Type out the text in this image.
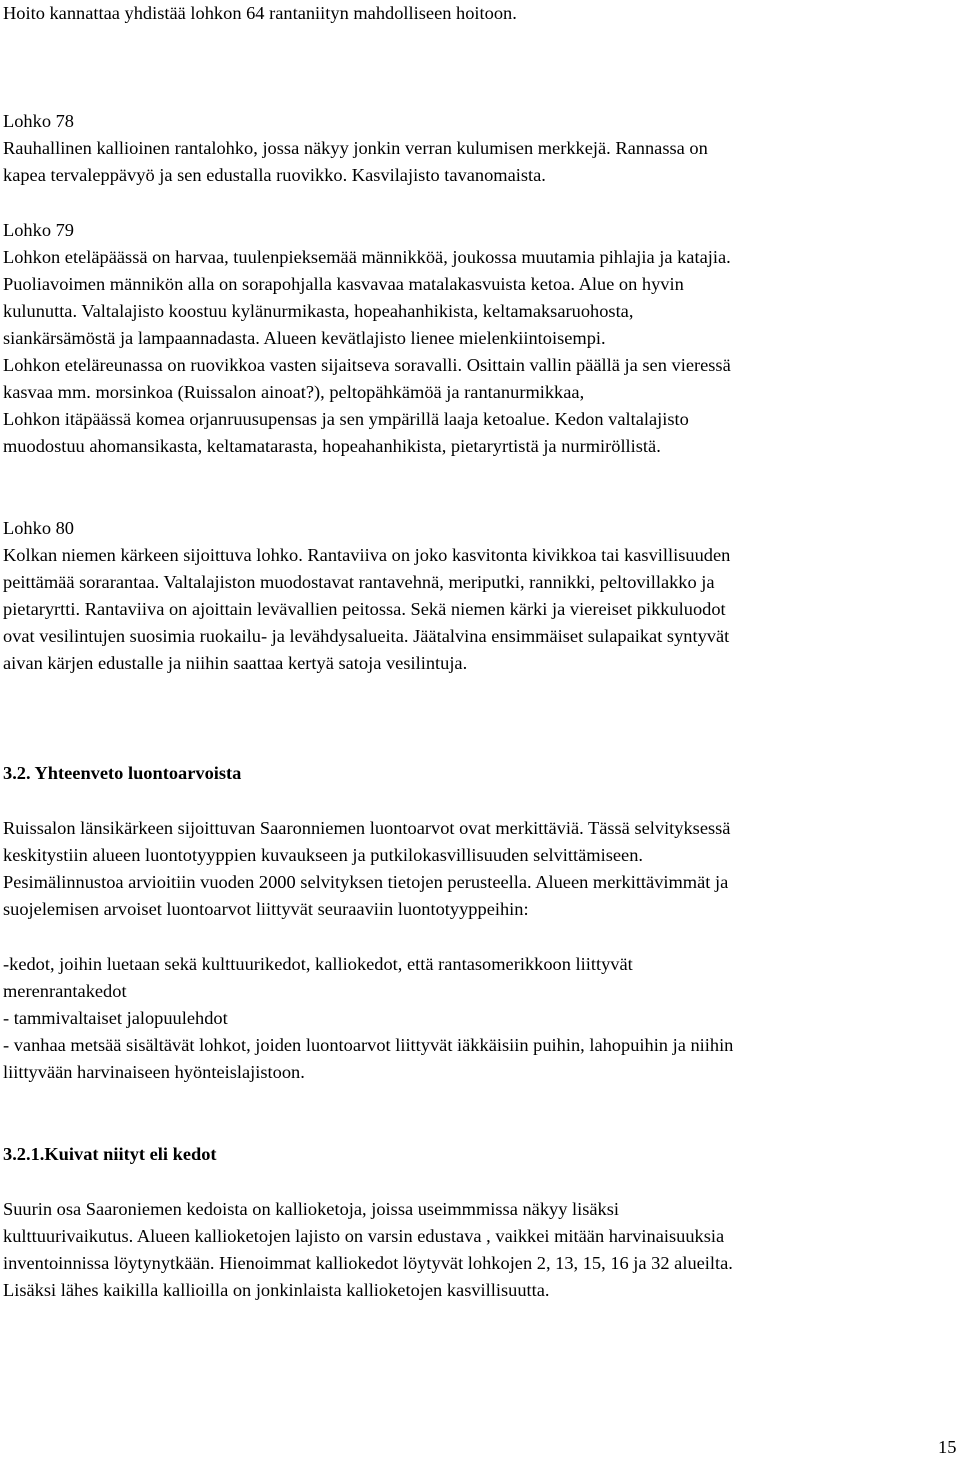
Hoito kannattaa yhdistää lohkon 64 rantaniityn mahdolliseen hoitoon.
Lohko 78
Rauhallinen kallioinen rantalohko, jossa näkyy jonkin verran kulumisen merkkejä. Rannassa on
kapea tervaleppävyö ja sen edustalla ruovikko. Kasvilajisto tavanomaista.
Lohko 79
Lohkon eteläpäässä on harvaa, tuulenpieksemää männikköä, joukossa muutamia pihlajia ja katajia.
Puoliavoimen männikön alla on sorapohjalla kasvavaa matalakasvuista ketoa. Alue on hyvin
kulunutta. Valtalajisto koostuu kylänurmikasta, hopeahanhikista, keltamaksaruohosta,
siankärsämöstä ja lampaannadasta. Alueen kevätlajisto lienee mielenkiintoisempi.
Lohkon eteläreunassa on ruovikkoa vasten sijaitseva soravalli. Osittain vallin päällä ja sen vieressä
kasvaa mm. morsinkoa (Ruissalon ainoat?), peltopähkämöä ja rantanurmikkaa,
Lohkon itäpäässä komea orjanruusupensas ja sen ympärillä laaja ketoalue. Kedon valtalajisto
muodostuu ahomansikasta, keltamatarasta, hopeahanhikista, pietaryrtistä ja nurmiröllistä.
Lohko 80
Kolkan niemen kärkeen sijoittuva lohko. Rantaviiva on joko kasvitonta kivikkoa tai kasvillisuuden
peittämää sorarantaa. Valtalajiston muodostavat rantavehnä, meriputki, rannikki, peltovillakko ja
pietaryrtti. Rantaviiva on ajoittain levävallien peitossa. Sekä niemen kärki ja viereiset pikkuluodot
ovat vesilintujen suosimia ruokailu- ja levähdysalueita. Jäätalvina ensimmäiset sulapaikat syntyvät
aivan kärjen edustalle ja niihin saattaa kertyä satoja vesilintuja.
3.2. Yhteenveto luontoarvoista
Ruissalon länsikärkeen sijoittuvan Saaronniemen luontoarvot ovat merkittäviä. Tässä selvityksessä
keskitystiin alueen luontotyyppien kuvaukseen ja putkilokasvillisuuden selvittämiseen.
Pesimälinnustoa arvioitiin vuoden 2000 selvityksen tietojen perusteella. Alueen merkittävimmät ja
suojelemisen arvoiset luontoarvot liittyvät seuraaviin luontotyyppeihin:
-kedot, joihin luetaan sekä kulttuurikedot, kalliokedot, että rantasomerikkoon liittyvät
merenrantakedot
- tammivaltaiset jalopuulehdot
- vanhaa metsää sisältävät lohkot, joiden luontoarvot liittyvät iäkkäisiin puihin, lahopuihin ja niihin
liittyvään harvinaiseen hyönteislajistoon.
3.2.1.Kuivat niityt eli kedot
Suurin osa Saaroniemen kedoista on kallioketoja, joissa useimmmissa näkyy lisäksi
kulttuurivaikutus. Alueen kallioketojen lajisto on varsin edustava , vaikkei mitään harvinaisuuksia
inventoinnissa löytynytkään. Hienoimmat kalliokedot löytyvät lohkojen 2, 13, 15, 16 ja 32 alueilta.
Lisäksi lähes kaikilla kallioilla on jonkinlaista kallioketojen kasvillisuutta.
15
